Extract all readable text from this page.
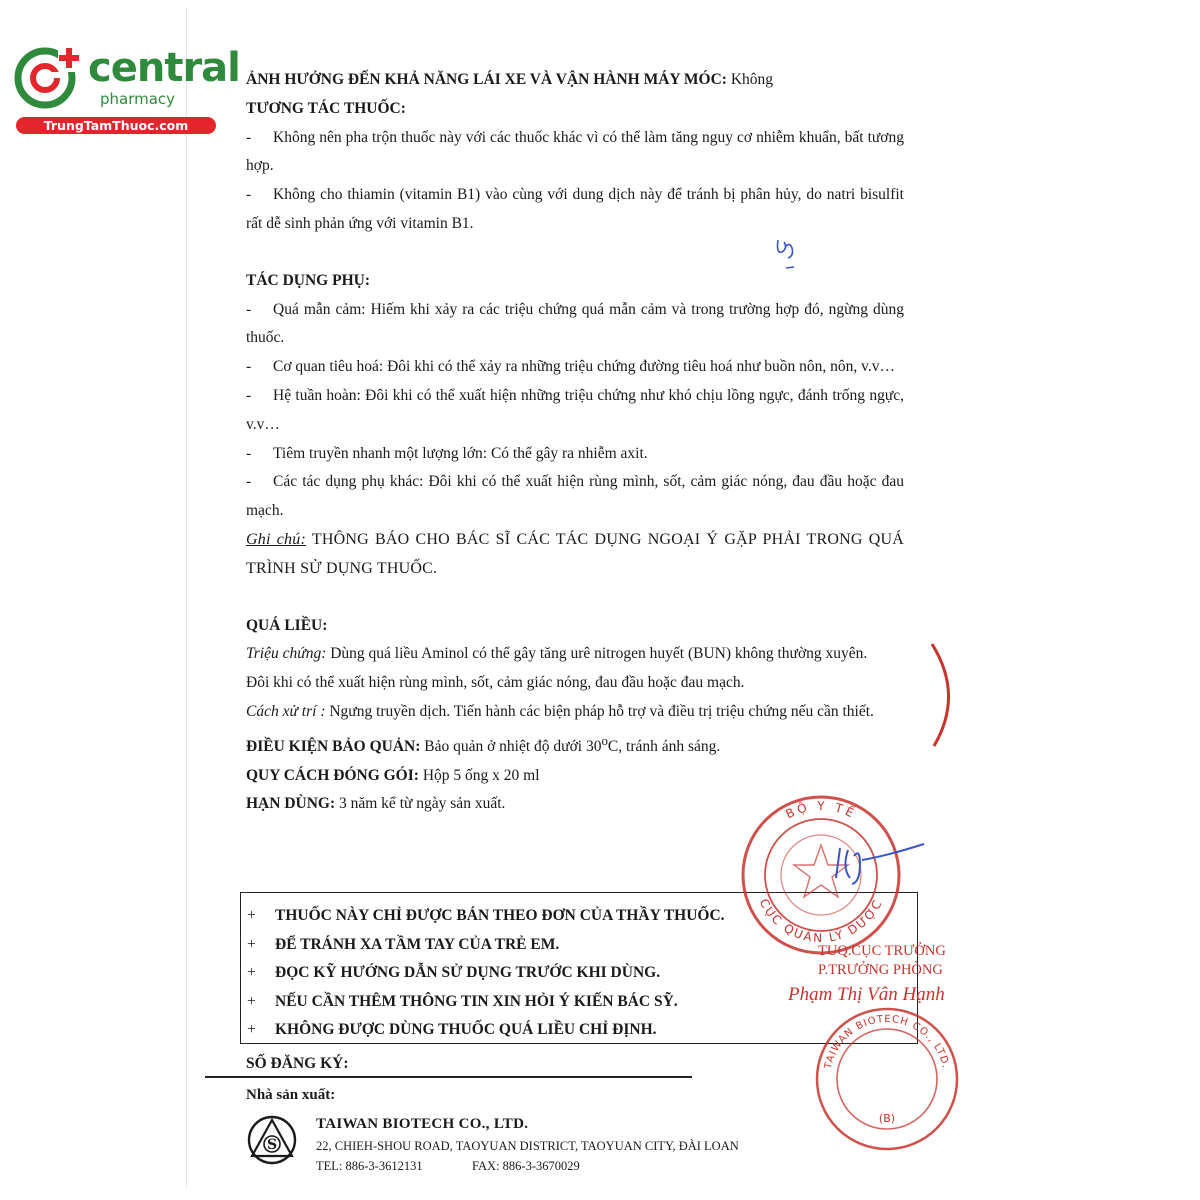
central
pharmacy
TrungTamThuoc.com

ẢNH HƯỞNG ĐẾN KHẢ NĂNG LÁI XE VÀ VẬN HÀNH MÁY MÓC: Không

TƯƠNG TÁC THUỐC:

- Không nên pha trộn thuốc này với các thuốc khác vì có thể làm tăng nguy cơ nhiễm khuẩn, bất tương hợp.

- Không cho thiamin (vitamin B1) vào cùng với dung dịch này để tránh bị phân hủy, do natri bisulfit rất dễ sinh phản ứng với vitamin B1.

TÁC DỤNG PHỤ:

- Quá mẫn cảm: Hiếm khi xảy ra các triệu chứng quá mẫn cảm và trong trường hợp đó, ngừng dùng thuốc.

- Cơ quan tiêu hoá: Đôi khi có thể xảy ra những triệu chứng đường tiêu hoá như buồn nôn, nôn, v.v…

- Hệ tuần hoàn: Đôi khi có thể xuất hiện những triệu chứng như khó chịu lồng ngực, đánh trống ngực, v.v…

- Tiêm truyền nhanh một lượng lớn: Có thể gây ra nhiễm axit.

- Các tác dụng phụ khác: Đôi khi có thể xuất hiện rùng mình, sốt, cảm giác nóng, đau đầu hoặc đau mạch.

Ghi chú: THÔNG BÁO CHO BÁC SĨ CÁC TÁC DỤNG NGOẠI Ý GẶP PHẢI TRONG QUÁ TRÌNH SỬ DỤNG THUỐC.

QUÁ LIỀU:

Triệu chứng: Dùng quá liều Aminol có thể gây tăng urê nitrogen huyết (BUN) không thường xuyên.

Đôi khi có thể xuất hiện rùng mình, sốt, cảm giác nóng, đau đầu hoặc đau mạch.

Cách xử trí : Ngưng truyền dịch. Tiến hành các biện pháp hỗ trợ và điều trị triệu chứng nếu cần thiết.

ĐIỀU KIỆN BẢO QUẢN: Bảo quản ở nhiệt độ dưới 30$^o$C, tránh ánh sáng.

QUY CÁCH ĐÓNG GÓI: Hộp 5 ống x 20 ml

HẠN DÙNG: 3 năm kể từ ngày sản xuất.

+ THUỐC NÀY CHỈ ĐƯỢC BÁN THEO ĐƠN CỦA THẦY THUỐC.
+ ĐỂ TRÁNH XA TẦM TAY CỦA TRẺ EM.
+ ĐỌC KỸ HƯỚNG DẪN SỬ DỤNG TRƯỚC KHI DÙNG.
+ NẾU CẦN THÊM THÔNG TIN XIN HỎI Ý KIẾN BÁC SỸ.
+ KHÔNG ĐƯỢC DÙNG THUỐC QUÁ LIỀU CHỈ ĐỊNH.
SỐ ĐĂNG KÝ:
Nhà sản xuất:
S
TAIWAN BIOTECH CO., LTD.
22, CHIEH-SHOU ROAD, TAOYUAN DISTRICT, TAOYUAN CITY, ĐÀI LOAN
TEL: 886-3-3612131	FAX: 886-3-3670029
BỘ Y TẾ
CỤC QUẢN LÝ DƯỢC
TUQ.CỤC TRƯỞNG
P.TRƯỞNG PHÒNG
Phạm Thị Vân Hạnh
TAIWAN BIOTECH CO., LTD.
(B)
